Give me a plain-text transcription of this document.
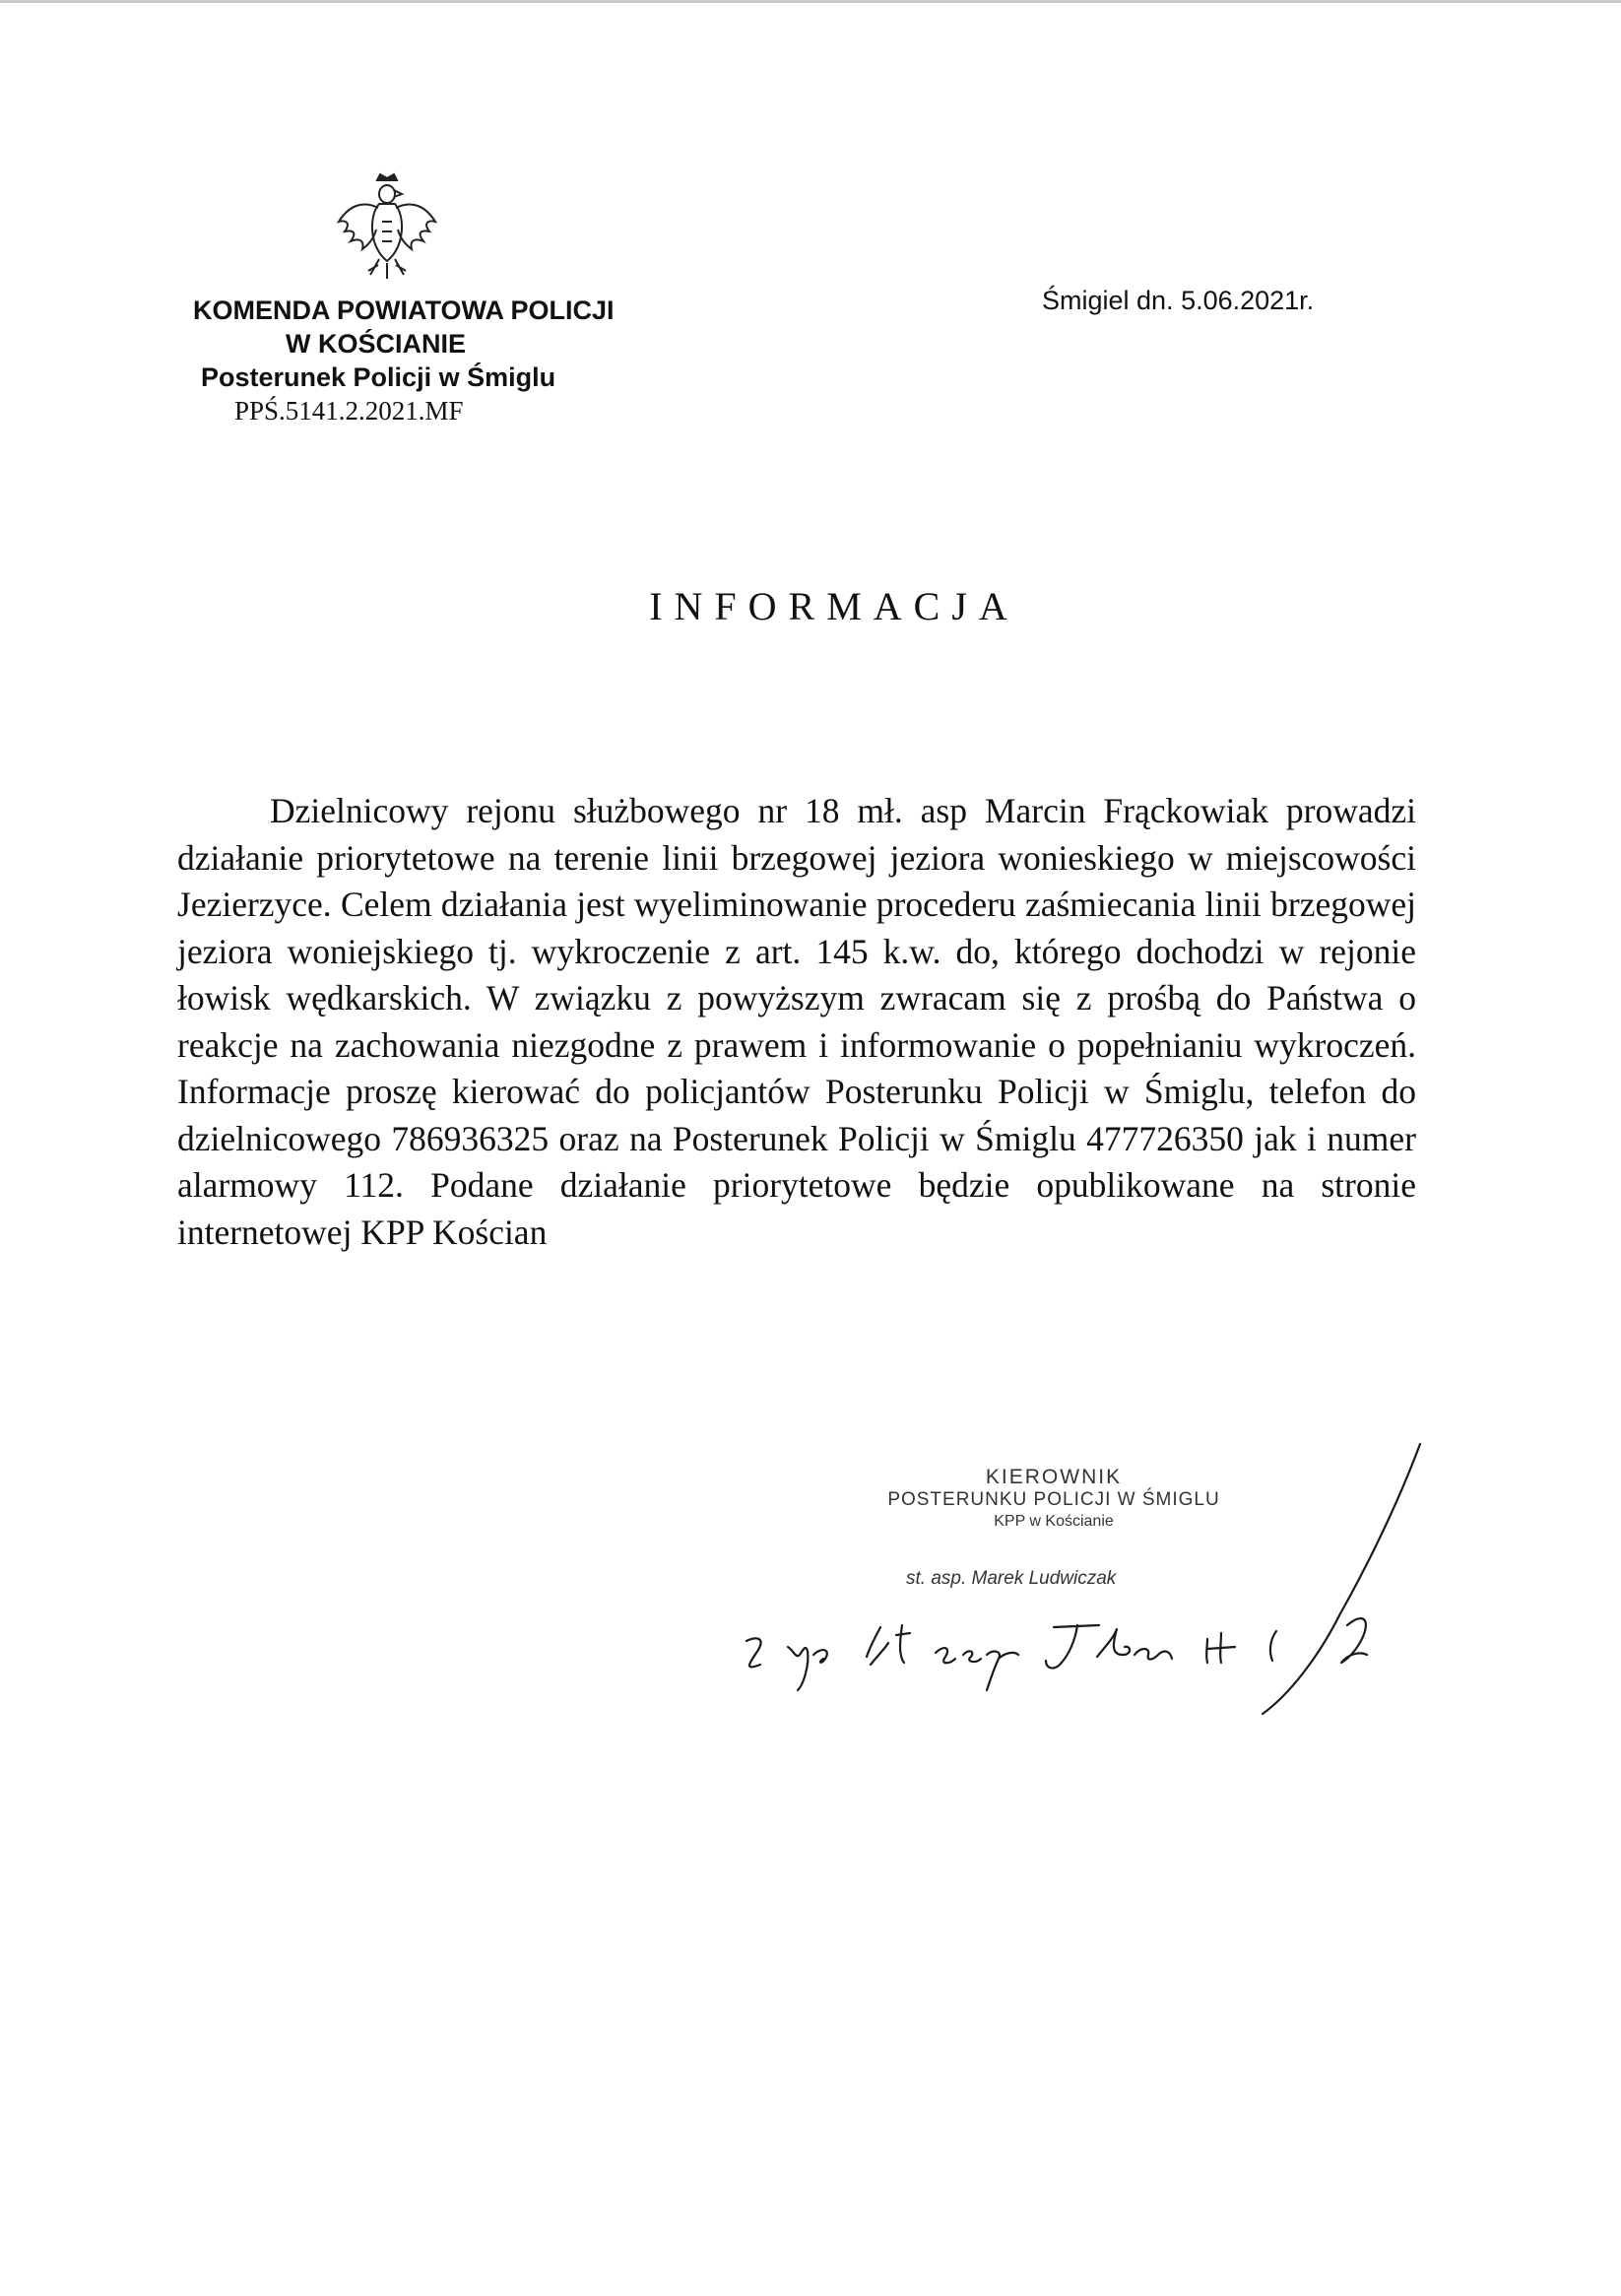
KOMENDA POWIATOWA POLICJI
W KOŚCIANIE
Posterunek Policji w Śmiglu
PPŚ.5141.2.2021.MF
Śmigiel dn. 5.06.2021r.
INFORMACJA

Dzielnicowy rejonu służbowego nr 18 mł. asp Marcin Frąckowiak prowadzi działanie priorytetowe na terenie linii brzegowej jeziora wonieskiego w miejscowości Jezierzyce. Celem działania jest wyeliminowanie procederu zaśmiecania linii brzegowej jeziora woniejskiego tj. wykroczenie z art. 145 k.w. do, którego dochodzi w rejonie łowisk wędkarskich. W związku z powyższym zwracam się z prośbą do Państwa o reakcje na zachowania niezgodne z prawem i informowanie o popełnianiu wykroczeń. Informacje proszę kierować do policjantów Posterunku Policji w Śmiglu, telefon do dzielnicowego 786936325 oraz na Posterunek Policji w Śmiglu 477726350 jak i numer alarmowy 112. Podane działanie priorytetowe będzie opublikowane na stronie internetowej KPP Kościan

KIEROWNIK
POSTERUNKU POLICJI W ŚMIGLU
KPP w Kościanie
st. asp. Marek Ludwiczak
